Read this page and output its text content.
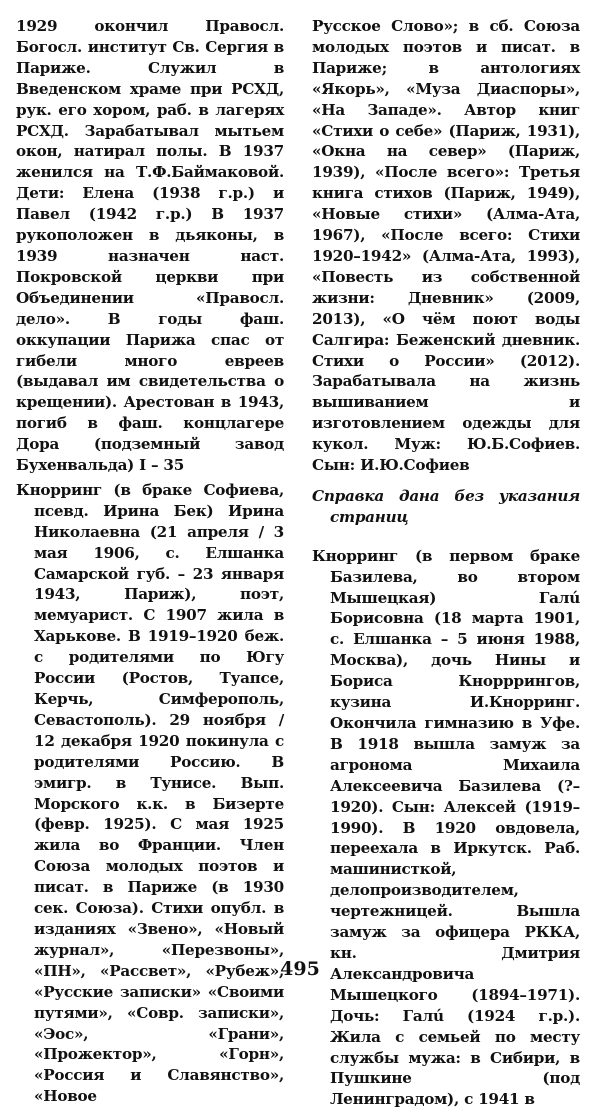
1929 окончил Правосл. Богосл. институт Св. Сергия в Париже. Служил в Введенском храме при РСХД, рук. его хором, раб. в лагерях РСХД. Зарабатывал мытьем окон, натирал полы. В 1937 женился на Т.Ф.Баймаковой. Дети: Елена (1938 г.р.) и Павел (1942 г.р.) В 1937 рукоположен в дьяконы, в 1939 назначен наст. Покровской церкви при Объединении «Правосл. дело». В годы фаш. оккупации Парижа спас от гибели много евреев (выдавал им свидетельства о крещении). Арестован в 1943, погиб в фаш. концлагере Дора (подземный завод Бухенвальда) I – 35

Кнорринг (в браке Софиева, псевд. Ирина Бек) Ирина Николаевна (21 апреля / 3 мая 1906, с. Елшанка Самарской губ. – 23 января 1943, Париж), поэт, мемуарист. С 1907 жила в Харькове. В 1919–1920 беж. с родителями по Югу России (Ростов, Туапсе, Керчь, Симферополь, Севастополь). 29 ноября / 12 декабря 1920 покинула с родителями Россию. В эмигр. в Тунисе. Вып. Морского к.к. в Бизерте (февр. 1925). С мая 1925 жила во Франции. Член Союза молодых поэтов и писат. в Париже (в 1930 сек. Союза). Стихи опубл. в изданиях «Звено», «Новый журнал», «Перезвоны», «ПН», «Рассвет», «Рубеж», «Русские записки» «Своими путями», «Совр. записки», «Эос», «Грани», «Прожектор», «Горн», «Россия и Славянство», «Новое

Русское Слово»; в сб. Союза молодых поэтов и писат. в Париже; в антологиях «Якорь», «Муза Диаспоры», «На Западе». Автор книг «Стихи о себе» (Париж, 1931), «Окна на север» (Париж, 1939), «После всего»: Третья книга стихов (Париж, 1949), «Новые стихи» (Алма-Ата, 1967), «После всего: Стихи 1920–1942» (Алма-Ата, 1993), «Повесть из собственной жизни: Дневник» (2009, 2013), «О чём поют воды Салгира: Беженский дневник. Стихи о России» (2012). Зарабатывала на жизнь вышиванием и изготовлением одежды для кукол. Муж: Ю.Б.Софиев. Сын: И.Ю.Софиев

Справка дана без указания страниц

Кнорринг (в первом браке Базилева, во втором Мышецкая) Галú Борисовна (18 марта 1901, с. Елшанка – 5 июня 1988, Москва), дочь Нины и Бориса Кнорррингов, кузина И.Кнорринг. Окончила гимназию в Уфе. В 1918 вышла замуж за агронома Михаила Алексеевича Базилева (?–1920). Сын: Алексей (1919–1990). В 1920 овдовела, переехала в Иркутск. Раб. машинисткой, делопроизводителем, чертежницей. Вышла замуж за офицера РККА, кн. Дмитрия Александровича Мышецкого (1894–1971). Дочь: Галú (1924 г.р.). Жила с семьей по месту службы мужа: в Сибири, в Пушкине (под Ленинградом), с 1941 в

495
